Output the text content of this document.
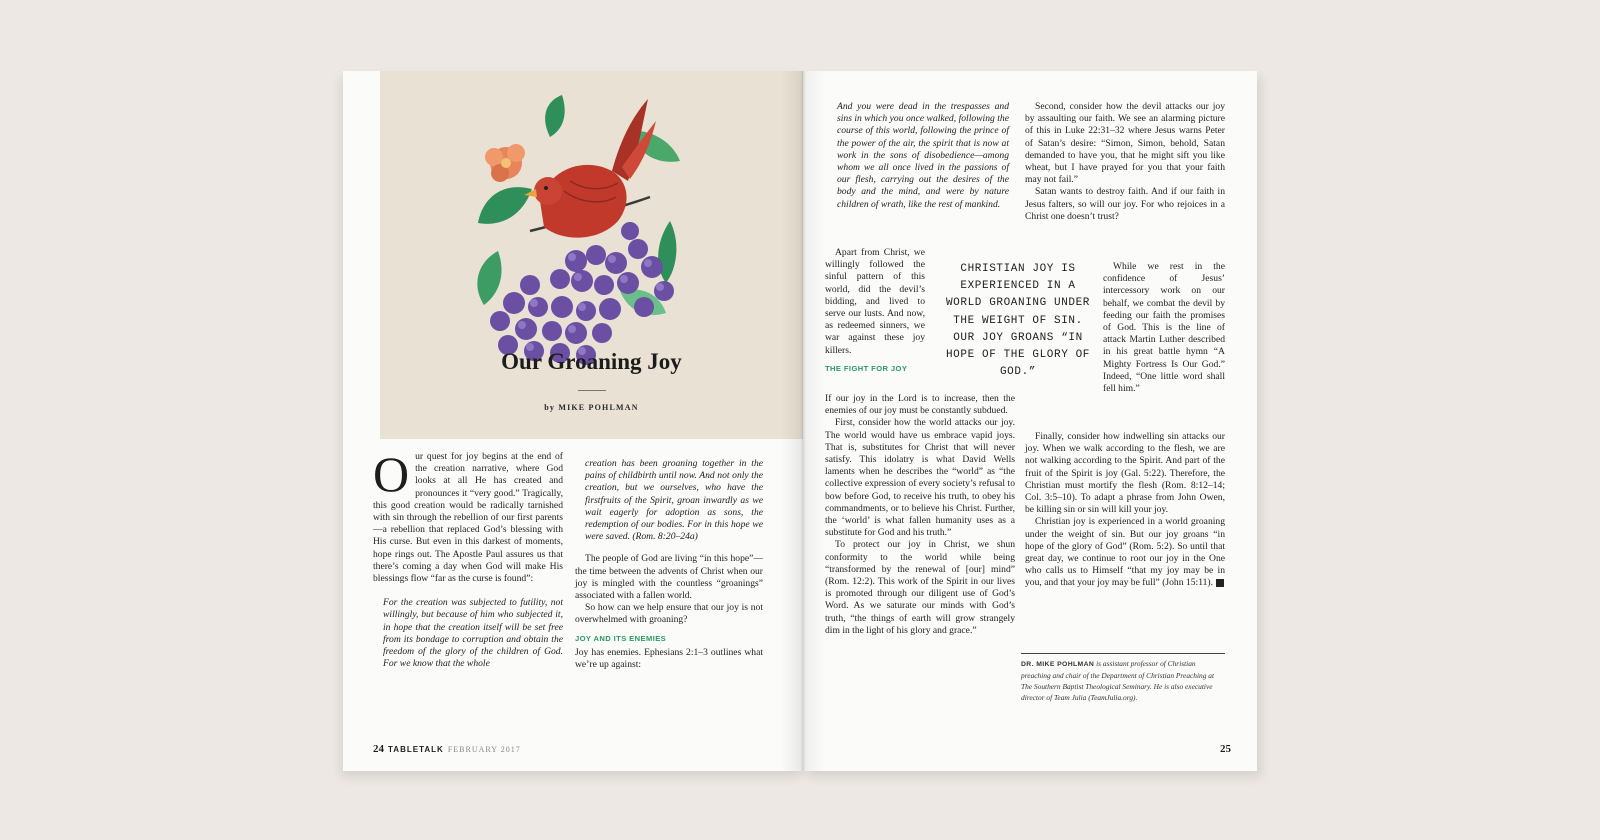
Our Groaning Joy
by MIKE POHLMAN

Our quest for joy begins at the end of the creation narrative, where God looks at all He has created and pronounces it “very good.” Tragically, this good creation would be radically tarnished with sin through the rebellion of our first parents—a rebellion that replaced God’s blessing with His curse. But even in this darkest of moments, hope rings out. The Apostle Paul assures us that there’s coming a day when God will make His blessings flow “far as the curse is found”:

For the creation was subjected to futility, not willingly, but because of him who subjected it, in hope that the creation itself will be set free from its bondage to corruption and obtain the freedom of the glory of the children of God. For we know that the whole

creation has been groaning together in the pains of childbirth until now. And not only the creation, but we ourselves, who have the firstfruits of the Spirit, groan inwardly as we wait eagerly for adoption as sons, the redemption of our bodies. For in this hope we were saved. (Rom. 8:20–24a)

The people of God are living “in this hope”—the time between the advents of Christ when our joy is mingled with the countless “groanings” associated with a fallen world.

So how can we help ensure that our joy is not overwhelmed with groaning?

JOY AND ITS ENEMIES

Joy has enemies. Ephesians 2:1–3 outlines what we’re up against:

24 TABLETALK FEBRUARY 2017

And you were dead in the trespasses and sins in which you once walked, following the course of this world, following the prince of the power of the air, the spirit that is now at work in the sons of disobedience—among whom we all once lived in the passions of our flesh, carrying out the desires of the body and the mind, and were by nature children of wrath, like the rest of mankind.

Apart from Christ, we willingly followed the sinful pattern of this world, did the devil’s bidding, and lived to serve our lusts. And now, as redeemed sinners, we war against these joy killers.

THE FIGHT FOR JOY

If our joy in the Lord is to increase, then the enemies of our joy must be constantly subdued.

First, consider how the world attacks our joy. The world would have us embrace vapid joys. That is, substitutes for Christ that will never satisfy. This idolatry is what David Wells laments when he describes the “world” as “the collective expression of every society’s refusal to bow before God, to receive his truth, to obey his commandments, or to believe his Christ. Further, the ‘world’ is what fallen humanity uses as a substitute for God and his truth.”

To protect our joy in Christ, we shun conformity to the world while being “transformed by the renewal of [our] mind” (Rom. 12:2). This work of the Spirit in our lives is promoted through our diligent use of God’s Word. As we saturate our minds with God’s truth, “the things of earth will grow strangely dim in the light of his glory and grace.”

CHRISTIAN JOY IS EXPERIENCED IN A WORLD GROANING UNDER THE WEIGHT OF SIN. OUR JOY GROANS “IN HOPE OF THE GLORY OF GOD.”

Second, consider how the devil attacks our joy by assaulting our faith. We see an alarming picture of this in Luke 22:31–32 where Jesus warns Peter of Satan’s desire: “Simon, Simon, behold, Satan demanded to have you, that he might sift you like wheat, but I have prayed for you that your faith may not fail.”

Satan wants to destroy faith. And if our faith in Jesus falters, so will our joy. For who rejoices in a Christ one doesn’t trust?

While we rest in the confidence of Jesus’ intercessory work on our behalf, we combat the devil by feeding our faith the promises of God. This is the line of attack Martin Luther described in his great battle hymn “A Mighty Fortress Is Our God.” Indeed, “One little word shall fell him.”

Finally, consider how indwelling sin attacks our joy. When we walk according to the flesh, we are not walking according to the Spirit. And part of the fruit of the Spirit is joy (Gal. 5:22). Therefore, the Christian must mortify the flesh (Rom. 8:12–14; Col. 3:5–10). To adapt a phrase from John Owen, be killing sin or sin will kill your joy.

Christian joy is experienced in a world groaning under the weight of sin. But our joy groans “in hope of the glory of God” (Rom. 5:2). So until that great day, we continue to root our joy in the One who calls us to Himself “that my joy may be in you, and that your joy may be full” (John 15:11).

DR. MIKE POHLMAN is assistant professor of Christian preaching and chair of the Department of Christian Preaching at The Southern Baptist Theological Seminary. He is also executive director of Team Julia (TeamJulia.org).
25
